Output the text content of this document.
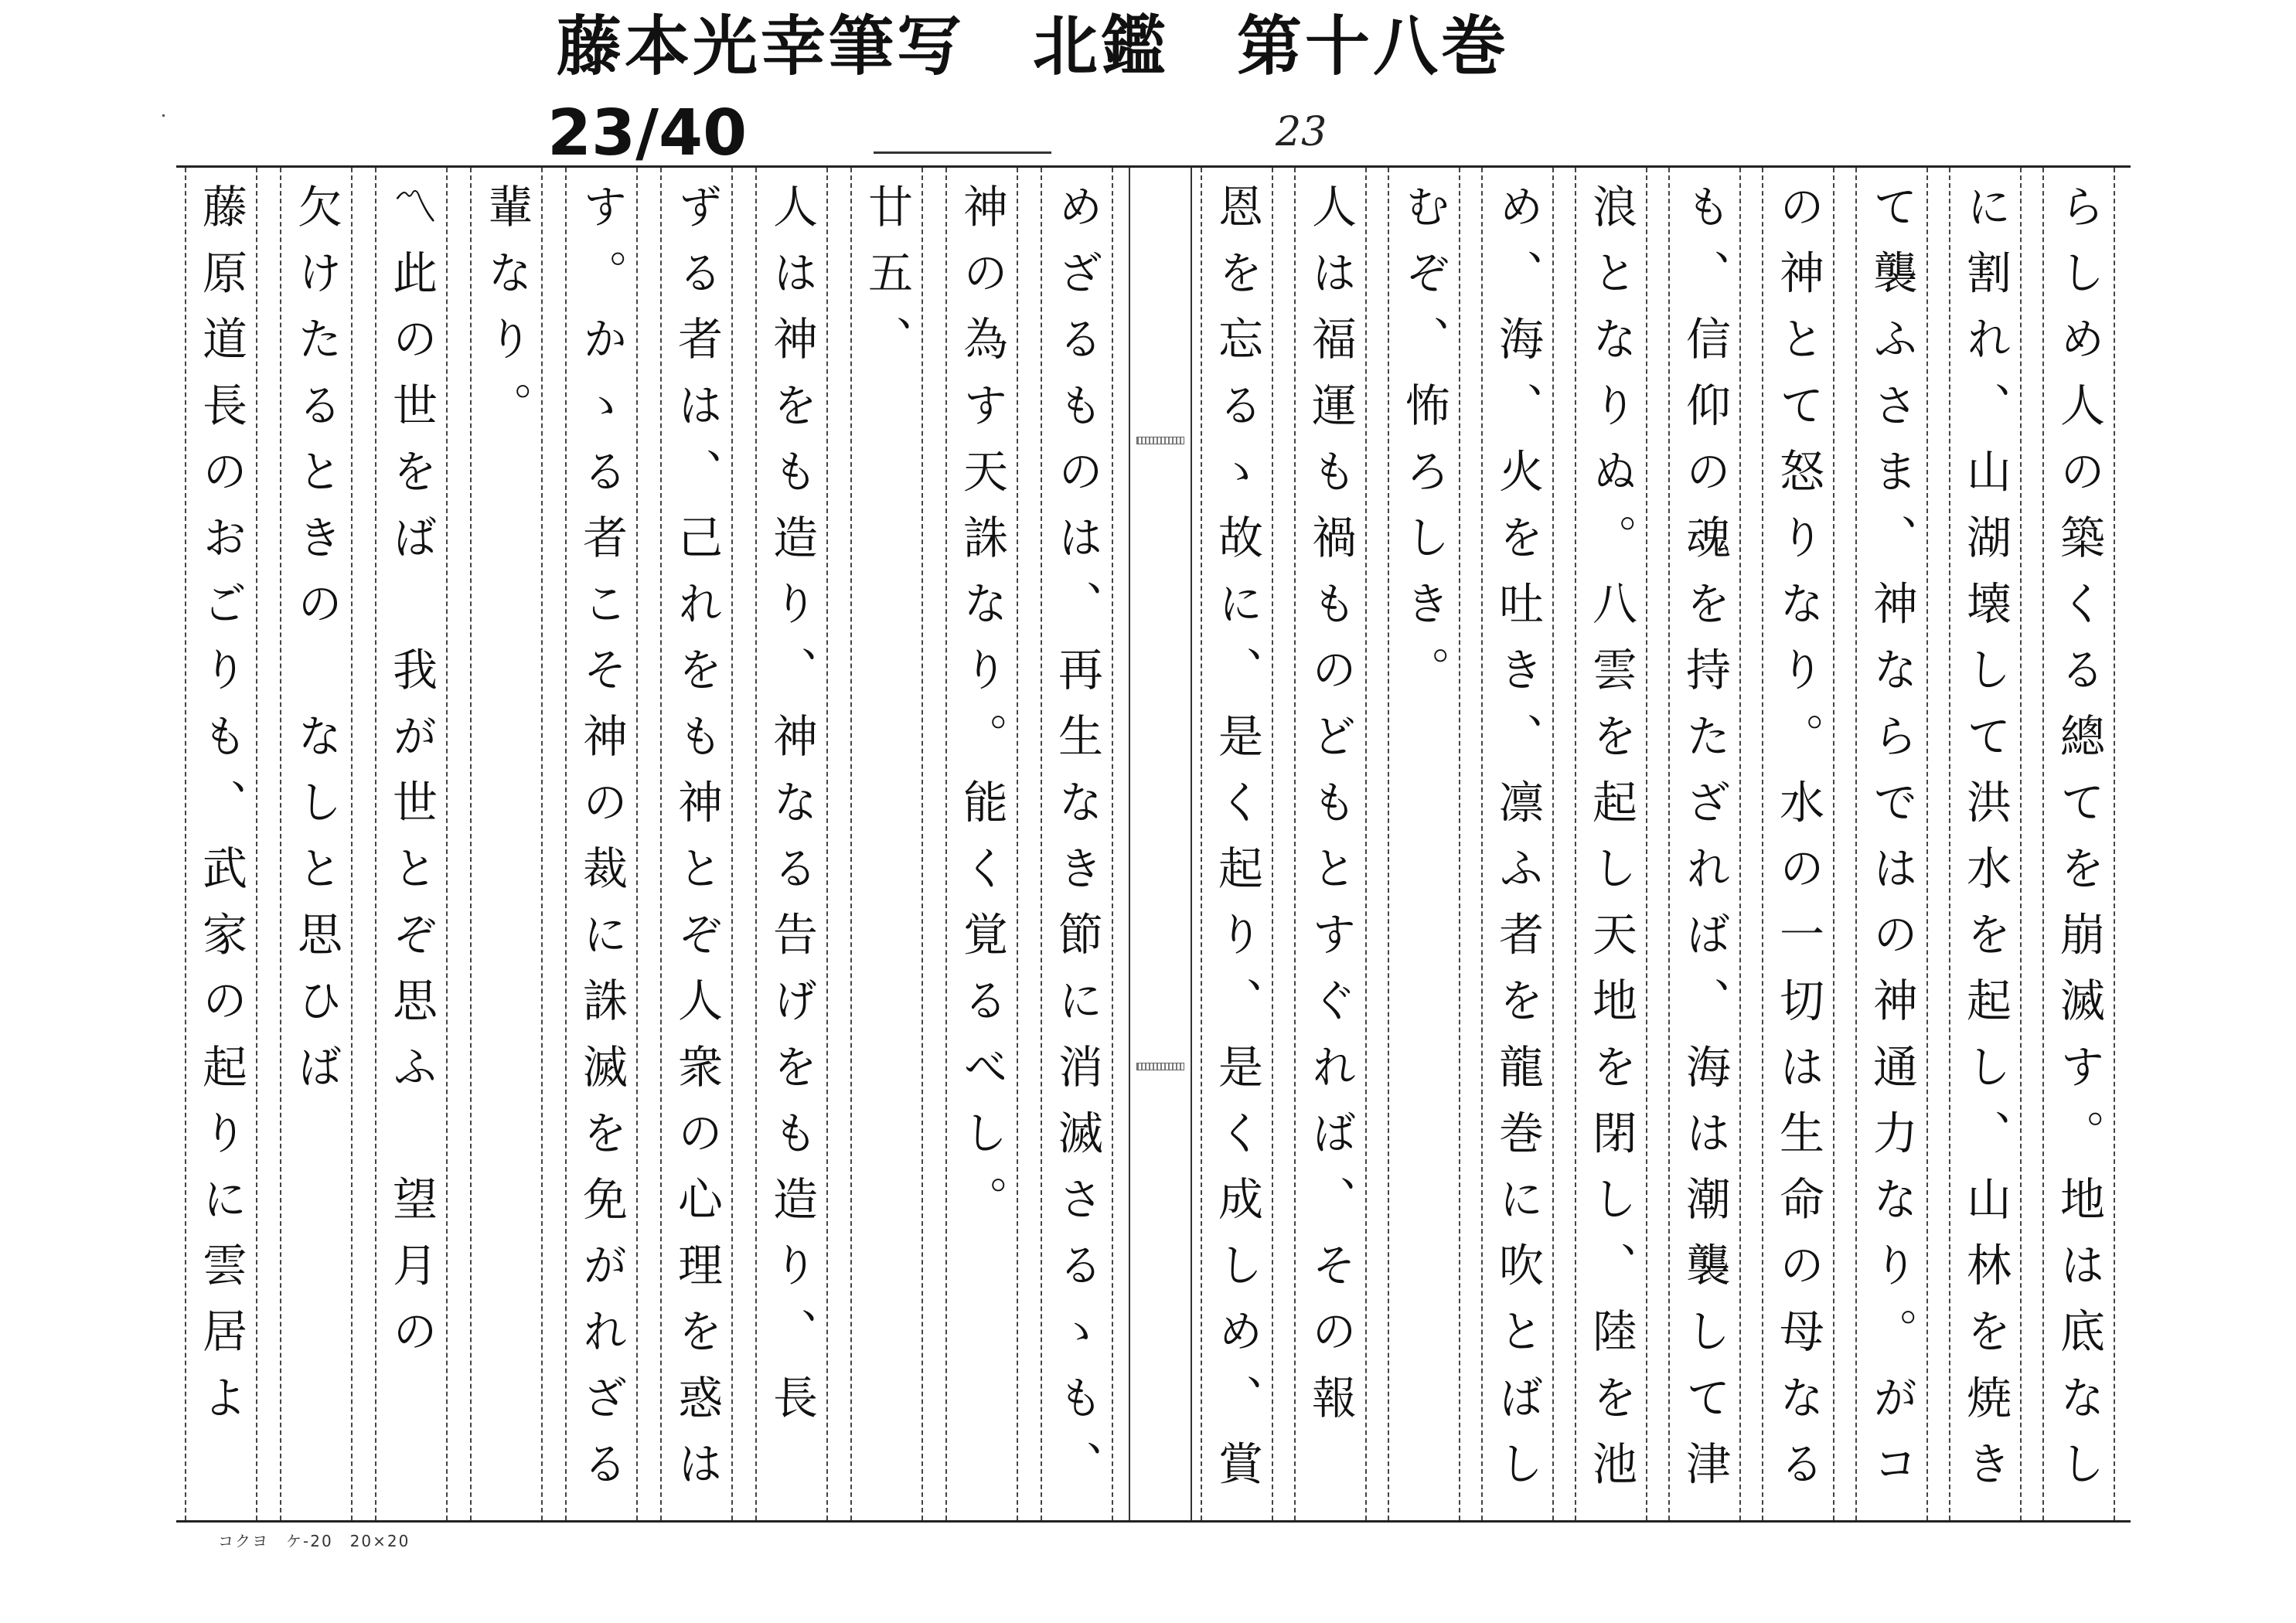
藤本光幸筆写　北鑑　第十八巻
23/40	23
らしめ人の築くる總てを崩滅す。地は底なし
に割れ、山湖壊して洪水を起し、山林を焼き
て襲ふさま、神ならではの神通力なり。がコ
の神とて怒りなり。水の一切は生命の母なる
も、信仰の魂を持たざれば、海は潮襲して津
浪となりぬ。八雲を起し天地を閉し、陸を池
め、海、火を吐き、凛ふ者を龍巻に吹とばし
むぞ、怖ろしき。
人は福運も禍ものどもとすぐれば、その報
恩を忘るゝ故に、是く起り、是く成しめ、賞
めざるものは、再生なき節に消滅さるゝも、
神の為す天誅なり。能く覚るべし。
廿五、
人は神をも造り、神なる告げをも造り、長
ずる者は、己れをも神とぞ人衆の心理を惑は
す。かゝる者こそ神の裁に誅滅を免がれざる
輩なり。
〽此の世をば　我が世とぞ思ふ　望月の
欠けたるときの　なしと思ひば
藤原道長のおごりも、武家の起りに雲居よ
コクヨ　ケ-20　20×20
